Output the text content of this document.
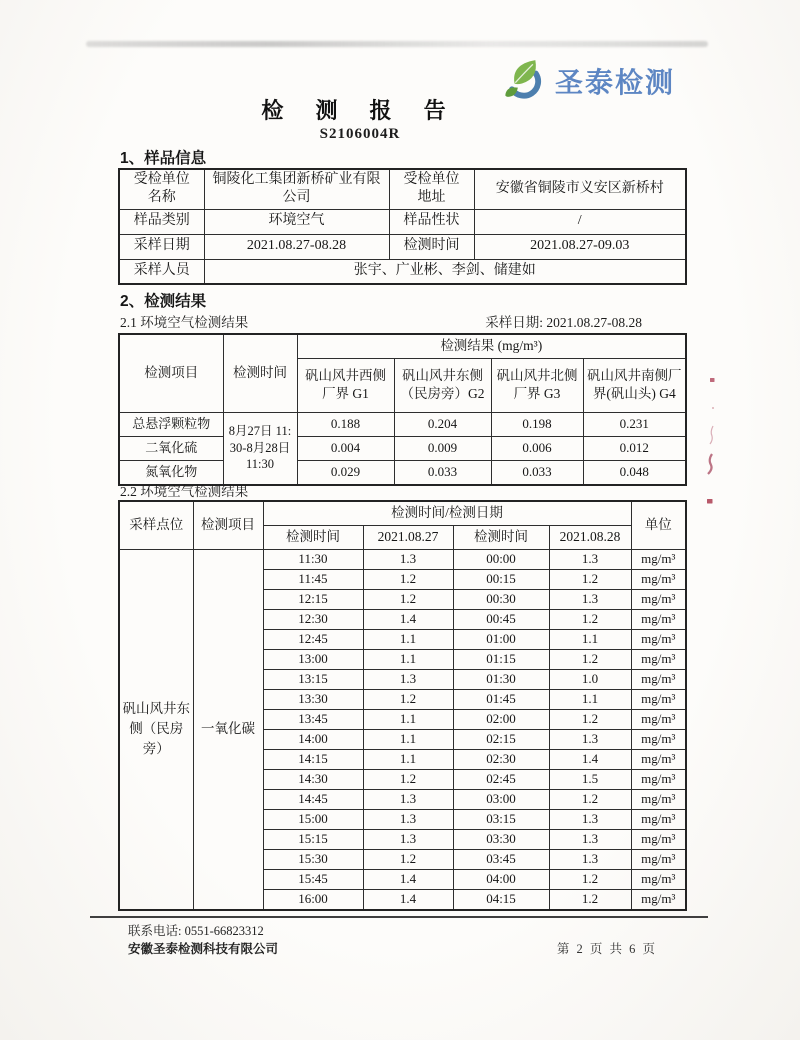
圣泰检测
检 测 报 告
S2106004R
1、样品信息
受检单位名称	铜陵化工集团新桥矿业有限公司	受检单位地址	安徽省铜陵市义安区新桥村
样品类别	环境空气	样品性状	/
采样日期	2021.08.27-08.28	检测时间	2021.08.27-09.03
采样人员	张宇、广业彬、李剑、储建如		
2、检测结果
2.1 环境空气检测结果	采样日期: 2021.08.27-08.28
检测项目	检测时间	检测结果 (mg/m³)			
		矾山风井西侧厂界 G1	矾山风井东侧（民房旁）G2	矾山风井北侧厂界 G3	矾山风井南侧厂界(矾山头) G4
总悬浮颗粒物	8月27日 11:30-8月28日 11:30	0.188	0.204	0.198	0.231
二氧化硫		0.004	0.009	0.006	0.012
氮氧化物		0.029	0.033	0.033	0.048
2.2 环境空气检测结果
采样点位	检测项目	检测时间/检测日期				单位
		检测时间	2021.08.27	检测时间	2021.08.28	
矾山风井东侧（民房旁）	一氧化碳	11:30	1.3	00:00	1.3	mg/m³
		11:45	1.2	00:15	1.2	mg/m³
		12:15	1.2	00:30	1.3	mg/m³
		12:30	1.4	00:45	1.2	mg/m³
		12:45	1.1	01:00	1.1	mg/m³
		13:00	1.1	01:15	1.2	mg/m³
		13:15	1.3	01:30	1.0	mg/m³
		13:30	1.2	01:45	1.1	mg/m³
		13:45	1.1	02:00	1.2	mg/m³
		14:00	1.1	02:15	1.3	mg/m³
		14:15	1.1	02:30	1.4	mg/m³
		14:30	1.2	02:45	1.5	mg/m³
		14:45	1.3	03:00	1.2	mg/m³
		15:00	1.3	03:15	1.3	mg/m³
		15:15	1.3	03:30	1.3	mg/m³
		15:30	1.2	03:45	1.3	mg/m³
		15:45	1.4	04:00	1.2	mg/m³
		16:00	1.4	04:15	1.2	mg/m³
联系电话: 0551-66823312
安徽圣泰检测科技有限公司	第 2 页 共 6 页
